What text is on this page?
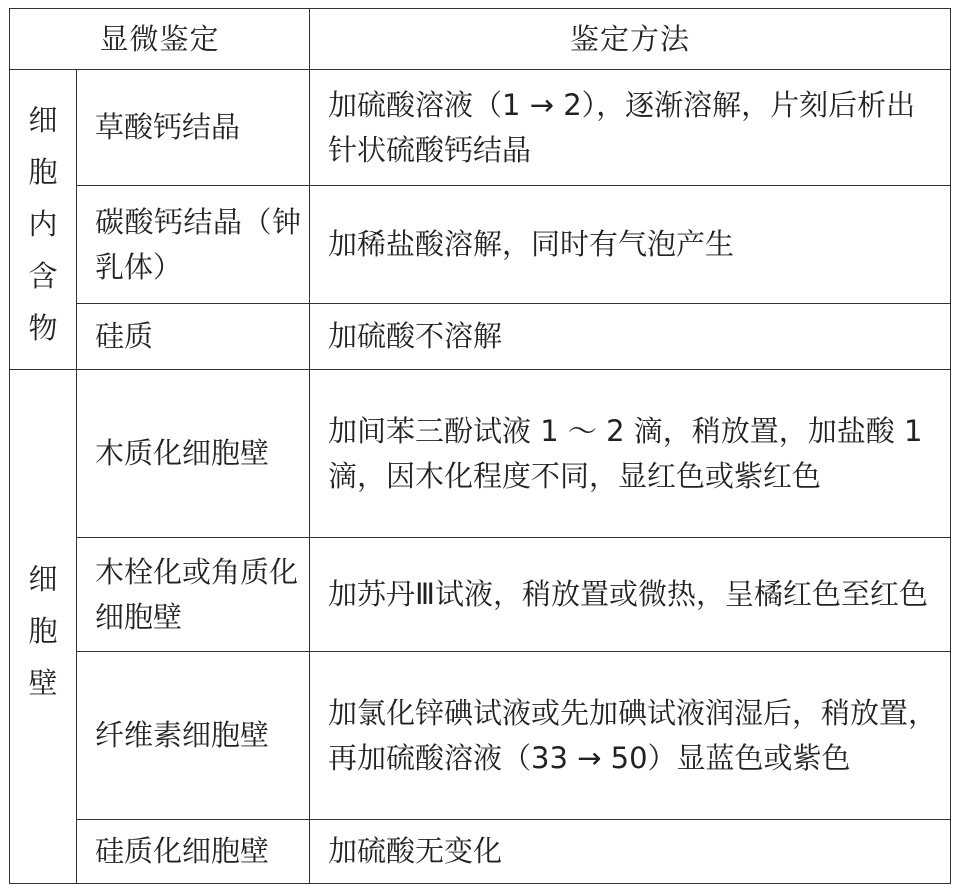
显微鉴定		鉴定方法

细胞内含物	草酸钙结晶	加硫酸溶液（1 → 2），逐渐溶解，片刻后析出针状硫酸钙结晶
	碳酸钙结晶（钟乳体）	加稀盐酸溶解，同时有气泡产生
	硅质	加硫酸不溶解

细胞壁	木质化细胞壁	加间苯三酚试液 1 ～ 2 滴，稍放置，加盐酸 1 滴，因木化程度不同，显红色或紫红色
	木栓化或角质化细胞壁	加苏丹Ⅲ试液，稍放置或微热，呈橘红色至红色
	纤维素细胞壁	加氯化锌碘试液或先加碘试液润湿后，稍放置，再加硫酸溶液（33 → 50）显蓝色或紫色
	硅质化细胞壁	加硫酸无变化
